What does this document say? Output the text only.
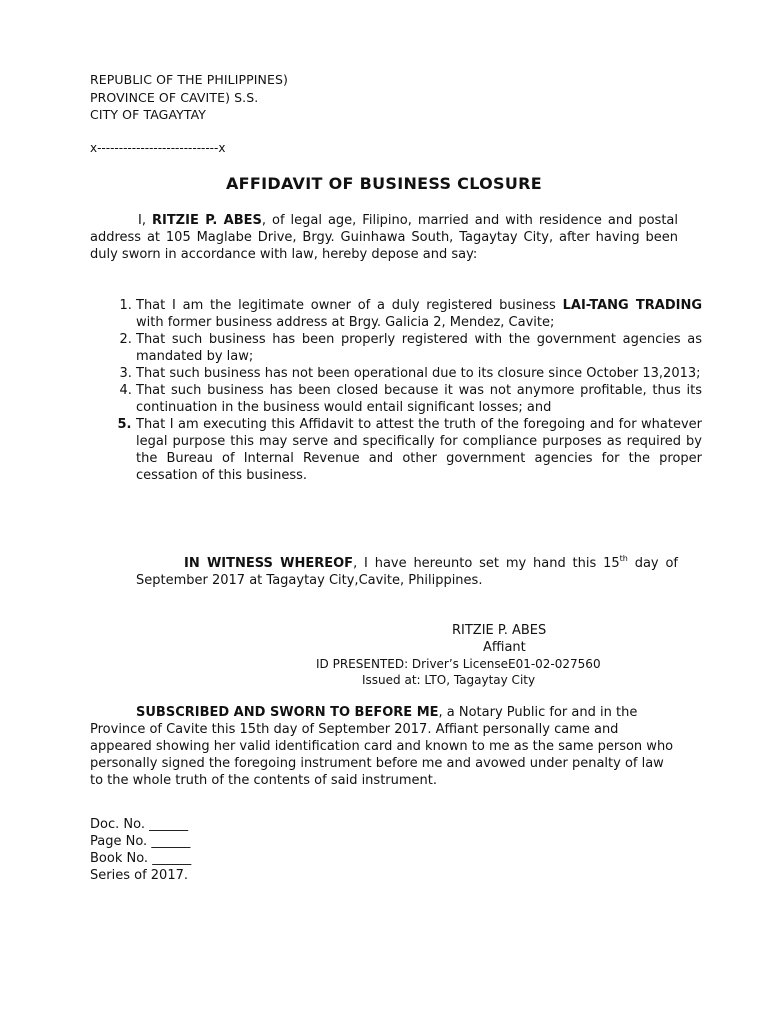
REPUBLIC OF THE PHILIPPINES)
PROVINCE OF CAVITE) S.S.
CITY OF TAGAYTAY
x----------------------------x
AFFIDAVIT OF BUSINESS CLOSURE
I, RITZIE P. ABES, of legal age, Filipino, married and with residence and postal address at 105 Maglabe Drive, Brgy. Guinhawa South, Tagaytay City, after having been duly sworn in accordance with law, hereby depose and say:
1. That I am the legitimate owner of a duly registered business LAI-TANG TRADING with former business address at Brgy. Galicia 2, Mendez, Cavite;
2. That such business has been properly registered with the government agencies as mandated by law;
3. That such business has not been operational due to its closure since October 13,2013;
4. That such business has been closed because it was not anymore profitable, thus its continuation in the business would entail significant losses; and
5. That I am executing this Affidavit to attest the truth of the foregoing and for whatever legal purpose this may serve and specifically for compliance purposes as required by the Bureau of Internal Revenue and other government agencies for the proper cessation of this business.
IN WITNESS WHEREOF, I have hereunto set my hand this 15th day of September 2017 at Tagaytay City,Cavite, Philippines.
RITZIE P. ABES
Affiant
ID PRESENTED: Driver’s LicenseE01-02-027560
Issued at: LTO, Tagaytay City
SUBSCRIBED AND SWORN TO BEFORE ME, a Notary Public for and in the Province of Cavite this 15th day of September 2017. Affiant personally came and appeared showing her valid identification card and known to me as the same person who personally signed the foregoing instrument before me and avowed under penalty of law to the whole truth of the contents of said instrument.
Doc. No. ______
Page No. ______
Book No. ______
Series of 2017.
